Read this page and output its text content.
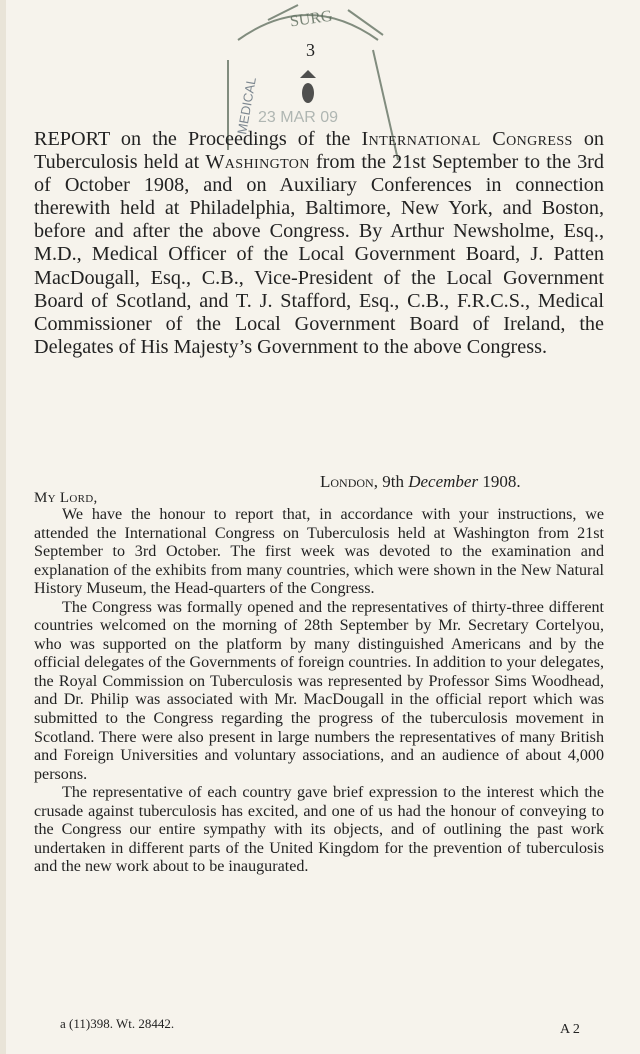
SURG
MEDICAL 23 MAR 09
3
REPORT on the Proceedings of the International Congress on Tuberculosis held at Washington from the 21st September to the 3rd of October 1908, and on Auxiliary Conferences in connection therewith held at Philadelphia, Baltimore, New York, and Boston, before and after the above Congress. By Arthur Newsholme, Esq., M.D., Medical Officer of the Local Government Board, J. Patten MacDougall, Esq., C.B., Vice-President of the Local Government Board of Scotland, and T. J. Stafford, Esq., C.B., F.R.C.S., Medical Commissioner of the Local Government Board of Ireland, the Delegates of His Majesty’s Government to the above Congress.
London, 9th December 1908.
My Lord,

We have the honour to report that, in accordance with your instructions, we attended the International Congress on Tuberculosis held at Washington from 21st September to 3rd October. The first week was devoted to the examination and explanation of the exhibits from many countries, which were shown in the New Natural History Museum, the Head-quarters of the Congress.

The Congress was formally opened and the representatives of thirty-three different countries welcomed on the morning of 28th September by Mr. Secretary Cortelyou, who was supported on the platform by many distinguished Americans and by the official delegates of the Governments of foreign countries. In addition to your delegates, the Royal Commission on Tuberculosis was represented by Professor Sims Woodhead, and Dr. Philip was associated with Mr. MacDougall in the official report which was submitted to the Congress regarding the progress of the tuberculosis movement in Scotland. There were also present in large numbers the representatives of many British and Foreign Universities and voluntary associations, and an audience of about 4,000 persons.

The representative of each country gave brief expression to the interest which the crusade against tuberculosis has excited, and one of us had the honour of conveying to the Congress our entire sympathy with its objects, and of outlining the past work undertaken in different parts of the United Kingdom for the prevention of tuberculosis and the new work about to be inaugurated.

a (11)398. Wt. 28442.	A 2
